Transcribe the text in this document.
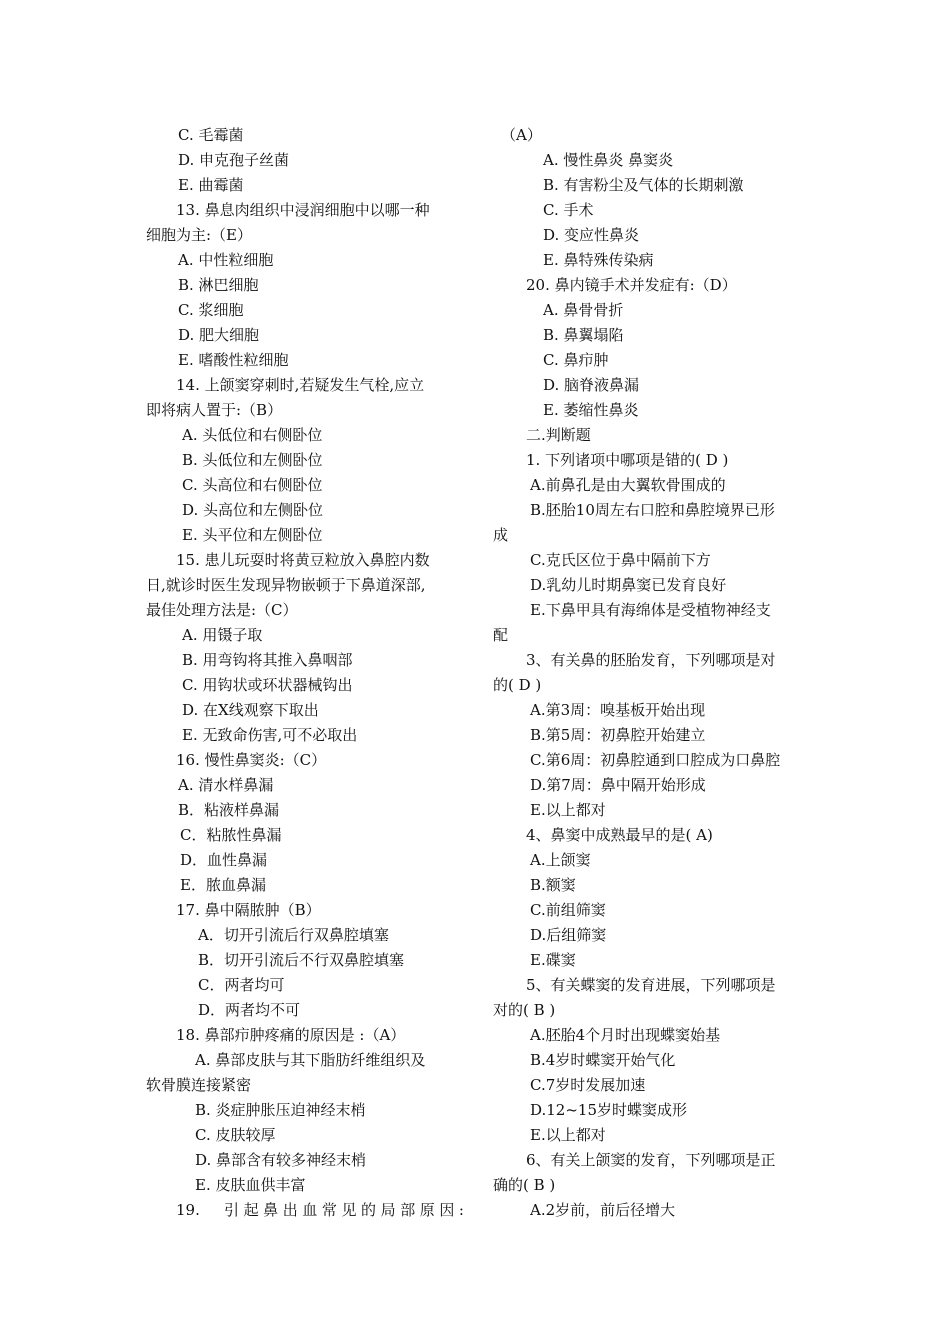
C. 毛霉菌
D. 申克孢子丝菌
E. 曲霉菌
13. 鼻息肉组织中浸润细胞中以哪一种
细胞为主:（E）
A. 中性粒细胞
B. 淋巴细胞
C. 浆细胞
D. 肥大细胞
E. 嗜酸性粒细胞
14. 上颌窦穿刺时,若疑发生气栓,应立
即将病人置于:（B）
A. 头低位和右侧卧位
B. 头低位和左侧卧位
C. 头高位和右侧卧位
D. 头高位和左侧卧位
E. 头平位和左侧卧位
15. 患儿玩耍时将黄豆粒放入鼻腔内数
日,就诊时医生发现异物嵌顿于下鼻道深部,
最佳处理方法是:（C）
A. 用镊子取
B. 用弯钩将其推入鼻咽部
C. 用钩状或环状器械钩出
D. 在X线观察下取出
E. 无致命伤害,可不必取出
16. 慢性鼻窦炎:（C）
A. 清水样鼻漏
B．粘液样鼻漏
C．粘脓性鼻漏
D．血性鼻漏
E．脓血鼻漏
17. 鼻中隔脓肿（B）
A．切开引流后行双鼻腔填塞
B．切开引流后不行双鼻腔填塞
C．两者均可
D．两者均不可
18. 鼻部疖肿疼痛的原因是 :（A）
A. 鼻部皮肤与其下脂肪纤维组织及
软骨膜连接紧密
B. 炎症肿胀压迫神经末梢
C. 皮肤较厚
D. 鼻部含有较多神经末梢
E. 皮肤血供丰富
19.　引起鼻出血常见的局部原因:
（A）
A. 慢性鼻炎 鼻窦炎
B. 有害粉尘及气体的长期刺激
C. 手术
D. 变应性鼻炎
E. 鼻特殊传染病
20. 鼻内镜手术并发症有:（D）
A. 鼻骨骨折
B. 鼻翼塌陷
C. 鼻疖肿
D. 脑脊液鼻漏
E. 萎缩性鼻炎
二.判断题
1. 下列诸项中哪项是错的( D )
A.前鼻孔是由大翼软骨围成的
B.胚胎10周左右口腔和鼻腔境界已形
成
C.克氏区位于鼻中隔前下方
D.乳幼儿时期鼻窦已发育良好
E.下鼻甲具有海绵体是受植物神经支
配
3、有关鼻的胚胎发育，下列哪项是对
的( D )
A.第3周：嗅基板开始出现
B.第5周：初鼻腔开始建立
C.第6周：初鼻腔通到口腔成为口鼻腔
D.第7周：鼻中隔开始形成
E.以上都对
4、鼻窦中成熟最早的是( A)
A.上颌窦
B.额窦
C.前组筛窦
D.后组筛窦
E.碟窦
5、有关蝶窦的发育进展，下列哪项是
对的( B )
A.胚胎4个月时出现蝶窦始基
B.4岁时蝶窦开始气化
C.7岁时发展加速
D.12~15岁时蝶窦成形
E.以上都对
6、有关上颌窦的发育，下列哪项是正
确的( B )
A.2岁前，前后径增大
